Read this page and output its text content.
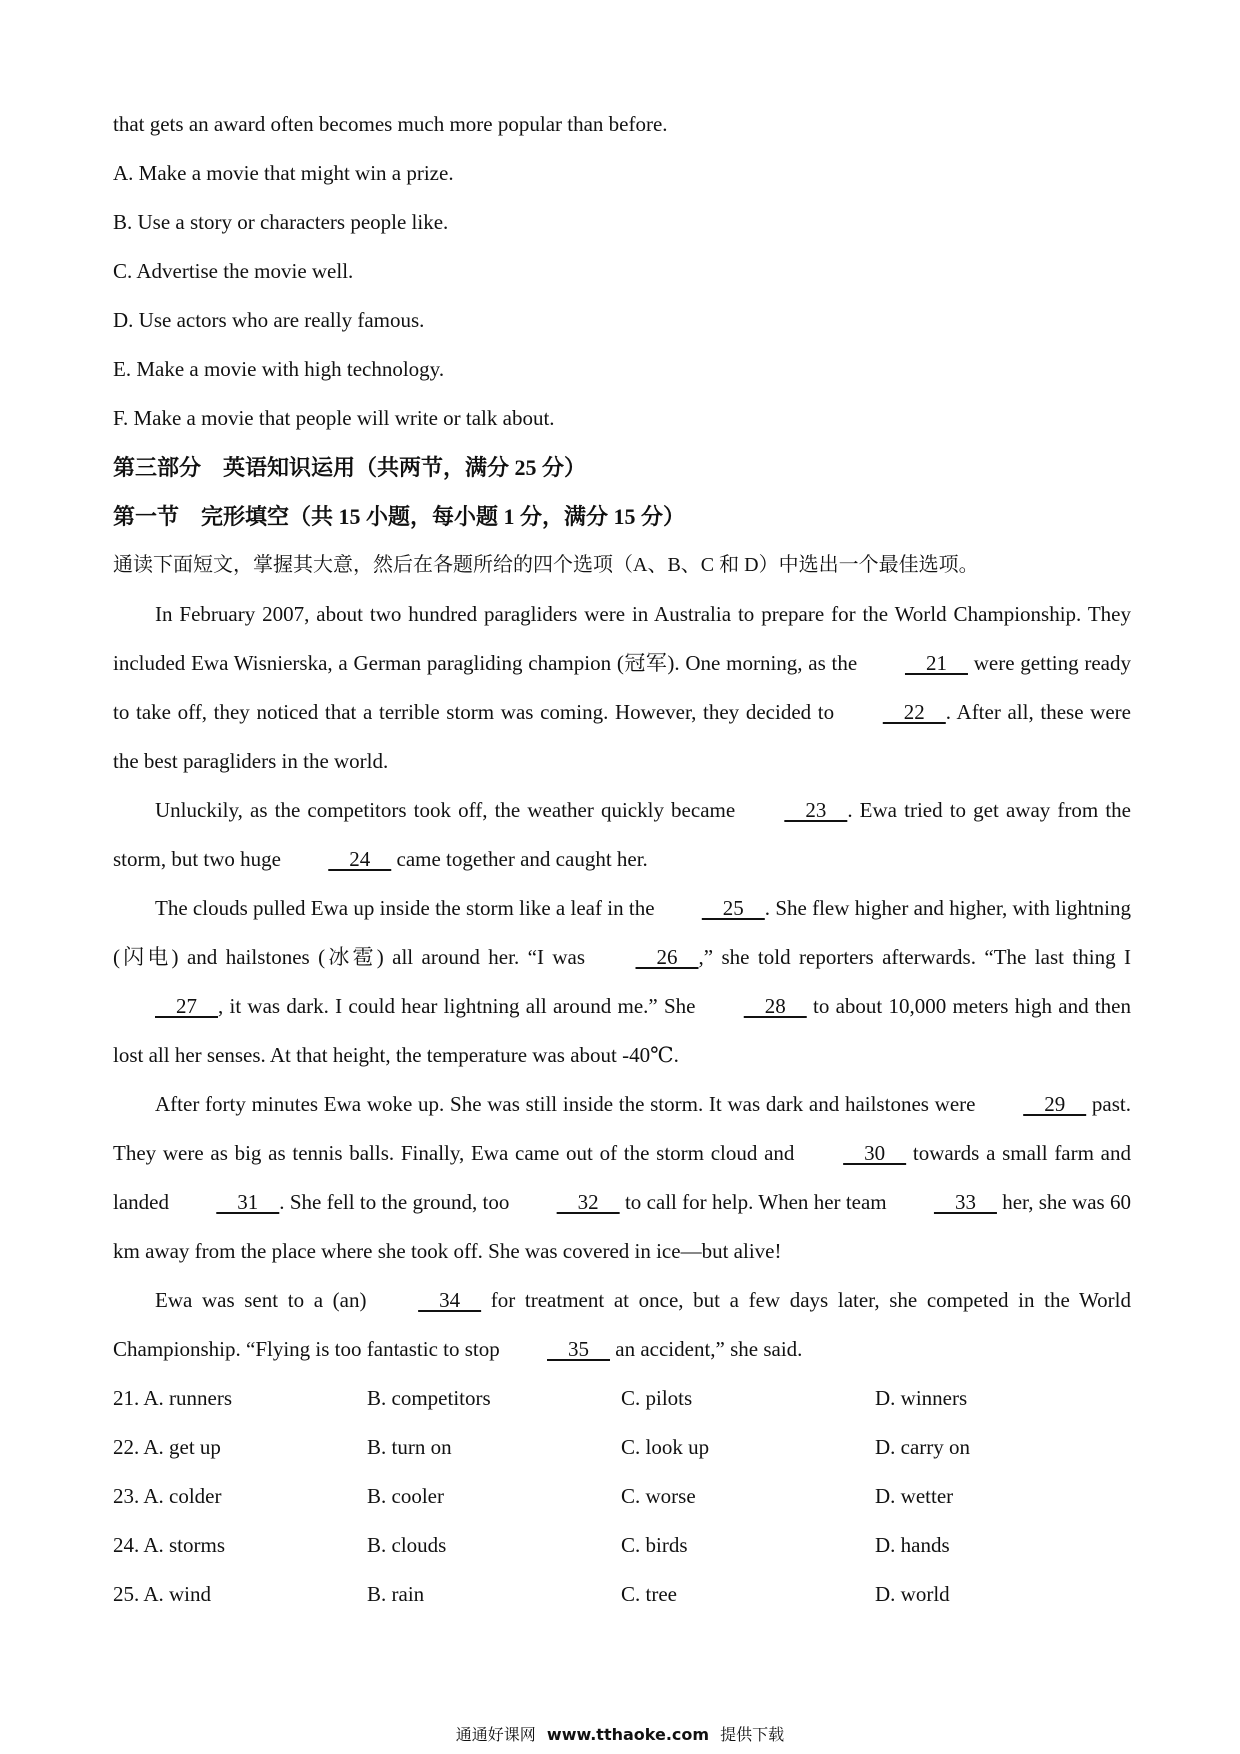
that gets an award often becomes much more popular than before.
A. Make a movie that might win a prize.
B. Use a story or characters people like.
C. Advertise the movie well.
D. Use actors who are really famous.
E. Make a movie with high technology.
F. Make a movie that people will write or talk about.
第三部分　英语知识运用（共两节，满分 25 分）
第一节　完形填空（共 15 小题，每小题 1 分，满分 15 分）
通读下面短文，掌握其大意，然后在各题所给的四个选项（A、B、C 和 D）中选出一个最佳选项。

In February 2007, about two hundred paragliders were in Australia to prepare for the World Championship. They included Ewa Wisnierska, a German paragliding champion (冠军). One morning, as the     21     were getting ready to take off, they noticed that a terrible storm was coming. However, they decided to     22    . After all, these were the best paragliders in the world.

Unluckily, as the competitors took off, the weather quickly became     23    . Ewa tried to get away from the storm, but two huge     24     came together and caught her.

The clouds pulled Ewa up inside the storm like a leaf in the     25    . She flew higher and higher, with lightning (闪电) and hailstones (冰雹) all around her. “I was     26    ,” she told reporters afterwards. “The last thing I     27    , it was dark. I could hear lightning all around me.” She     28     to about 10,000 meters high and then lost all her senses. At that height, the temperature was about -40℃.

After forty minutes Ewa woke up. She was still inside the storm. It was dark and hailstones were     29     past. They were as big as tennis balls. Finally, Ewa came out of the storm cloud and     30     towards a small farm and landed     31    . She fell to the ground, too     32     to call for help. When her team     33     her, she was 60 km away from the place where she took off. She was covered in ice—but alive!

Ewa was sent to a (an)     34     for treatment at once, but a few days later, she competed in the World Championship. “Flying is too fantastic to stop     35     an accident,” she said.

21. A. runners	B. competitors	C. pilots	D. winners
22. A. get up	B. turn on	C. look up	D. carry on
23. A. colder	B. cooler	C. worse	D. wetter
24. A. storms	B. clouds	C. birds	D. hands
25. A. wind	B. rain	C. tree	D. world
通通好课网 www.tthaoke.com 提供下载
